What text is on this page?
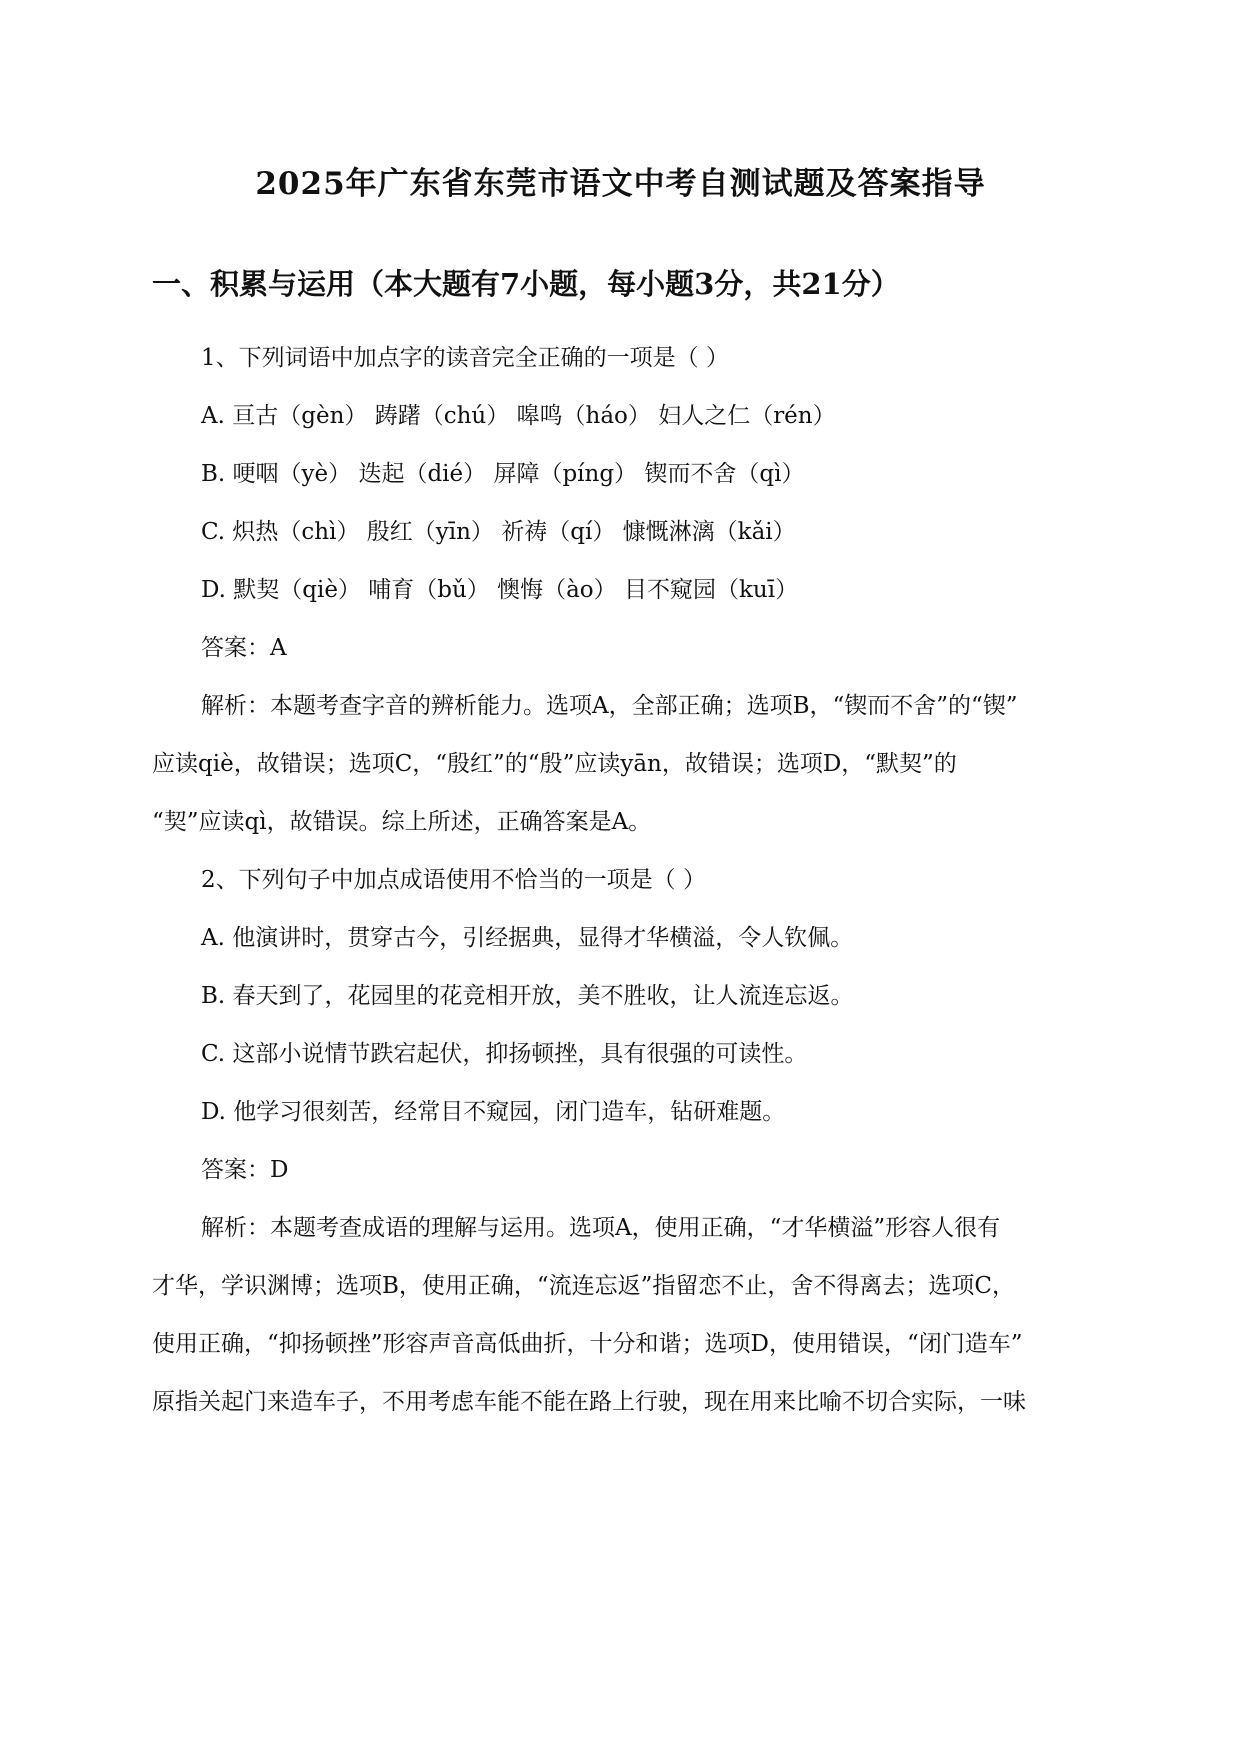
2025年广东省东莞市语文中考自测试题及答案指导
一、积累与运用（本大题有7小题，每小题3分，共21分）

1、下列词语中加点字的读音完全正确的一项是（ ）

A. 亘古（gèn） 踌躇（chú） 嗥鸣（háo） 妇人之仁（rén）

B. 哽咽（yè） 迭起（dié） 屏障（píng） 锲而不舍（qì）

C. 炽热（chì） 殷红（yīn） 祈祷（qí） 慷慨淋漓（kǎi）

D. 默契（qiè） 哺育（bǔ） 懊悔（ào） 目不窥园（kuī）

答案：A

解析：本题考查字音的辨析能力。选项A，全部正确；选项B，“锲而不舍”的“锲”

应读qiè，故错误；选项C，“殷红”的“殷”应读yān，故错误；选项D，“默契”的

“契”应读qì，故错误。综上所述，正确答案是A。

2、下列句子中加点成语使用不恰当的一项是（ ）

A. 他演讲时，贯穿古今，引经据典，显得才华横溢，令人钦佩。

B. 春天到了，花园里的花竞相开放，美不胜收，让人流连忘返。

C. 这部小说情节跌宕起伏，抑扬顿挫，具有很强的可读性。

D. 他学习很刻苦，经常目不窥园，闭门造车，钻研难题。

答案：D

解析：本题考查成语的理解与运用。选项A，使用正确，“才华横溢”形容人很有

才华，学识渊博；选项B，使用正确，“流连忘返”指留恋不止，舍不得离去；选项C，

使用正确，“抑扬顿挫”形容声音高低曲折，十分和谐；选项D，使用错误，“闭门造车”

原指关起门来造车子，不用考虑车能不能在路上行驶，现在用来比喻不切合实际，一味
